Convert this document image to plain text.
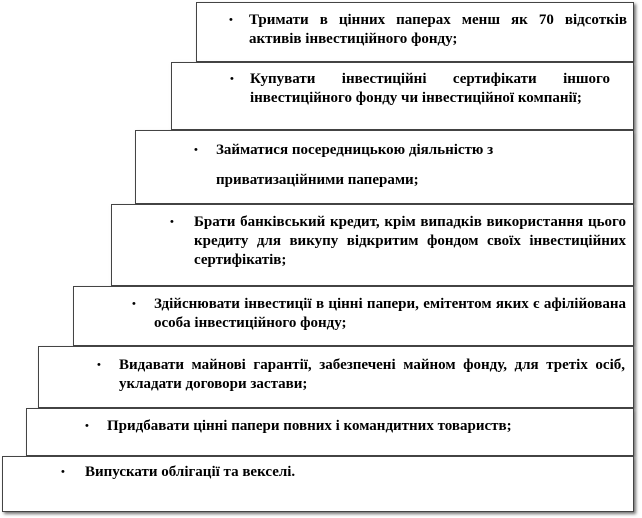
• Тримати в цінних паперах менш як 70 відсотків активів інвестиційного фонду;
• Купувати інвестиційні сертифікати іншого інвестиційного фонду чи інвестиційної компанії;
• Займатися посередницькою діяльністю з
приватизаційними паперами;
• Брати банківський кредит, крім випадків використання цього кредиту для викупу відкритим фондом своїх інвестиційних сертифікатів;
• Здійснювати інвестиції в цінні папери, емітентом яких є афілійована особа інвестиційного фонду;
• Видавати майнові гарантії, забезпечені майном фонду, для третіх осіб, укладати договори застави;
• Придбавати цінні папери повних і командитних товариств;
• Випускати облігації та векселі.
